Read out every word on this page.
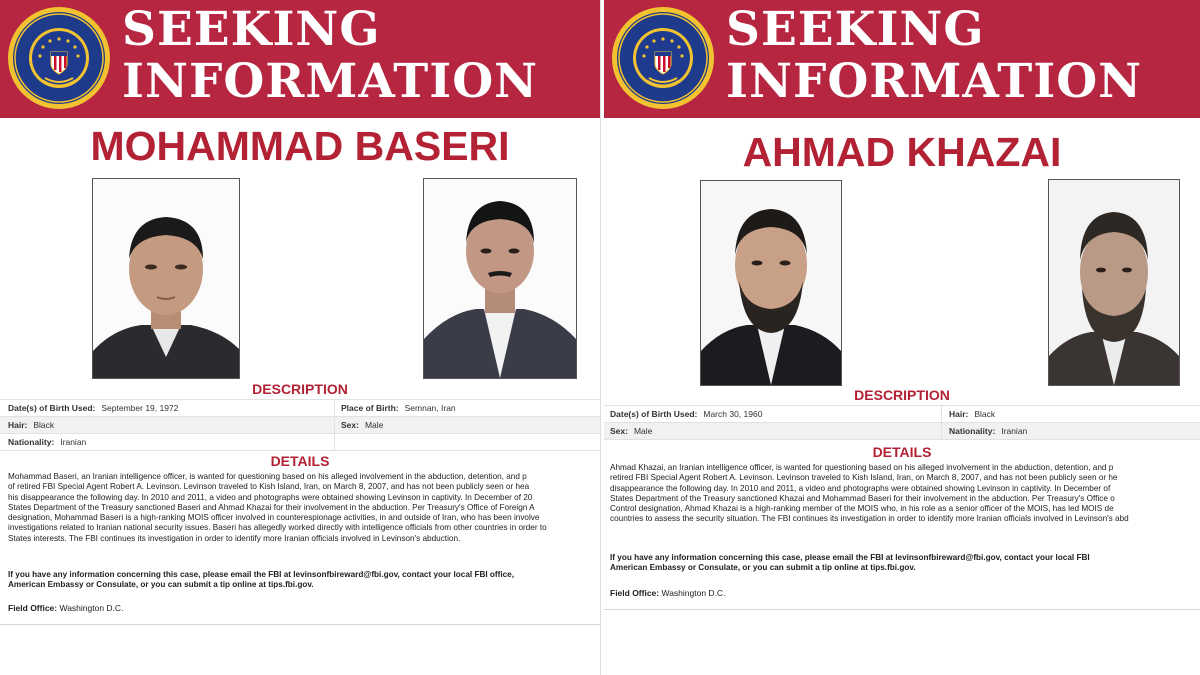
SEEKING
INFORMATION
MOHAMMAD BASERI
DESCRIPTION
Date(s) of Birth Used: September 19, 1972	Place of Birth: Semnan, Iran
Hair: Black	Sex: Male
Nationality: Iranian
DETAILS
Mohammad Baseri, an Iranian intelligence officer, is wanted for questioning based on his alleged involvement in the abduction, detention, and p
of retired FBI Special Agent Robert A. Levinson. Levinson traveled to Kish Island, Iran, on March 8, 2007, and has not been publicly seen or hea
his disappearance the following day. In 2010 and 2011, a video and photographs were obtained showing Levinson in captivity. In December of 20
States Department of the Treasury sanctioned Baseri and Ahmad Khazai for their involvement in the abduction. Per Treasury's Office of Foreign A
designation, Mohammad Baseri is a high-ranking MOIS officer involved in counterespionage activities, in and outside of Iran, who has been involve
investigations related to Iranian national security issues. Baseri has allegedly worked directly with intelligence officials from other countries in order to
States interests. The FBI continues its investigation in order to identify more Iranian officials involved in Levinson's abduction.
If you have any information concerning this case, please email the FBI at levinsonfbireward@fbi.gov, contact your local FBI office,
American Embassy or Consulate, or you can submit a tip online at tips.fbi.gov.
Field Office: Washington D.C.
SEEKING
INFORMATION
AHMAD KHAZAI
DESCRIPTION
Date(s) of Birth Used: March 30, 1960	Hair: Black
Sex: Male	Nationality: Iranian
DETAILS
Ahmad Khazai, an Iranian intelligence officer, is wanted for questioning based on his alleged involvement in the abduction, detention, and p
retired FBI Special Agent Robert A. Levinson. Levinson traveled to Kish Island, Iran, on March 8, 2007, and has not been publicly seen or he
disappearance the following day. In 2010 and 2011, a video and photographs were obtained showing Levinson in captivity. In December of
States Department of the Treasury sanctioned Khazai and Mohammad Baseri for their involvement in the abduction. Per Treasury's Office o
Control designation, Ahmad Khazai is a high-ranking member of the MOIS who, in his role as a senior officer of the MOIS, has led MOIS de
countries to assess the security situation. The FBI continues its investigation in order to identify more Iranian officials involved in Levinson's abd
If you have any information concerning this case, please email the FBI at levinsonfbireward@fbi.gov, contact your local FBI
American Embassy or Consulate, or you can submit a tip online at tips.fbi.gov.
Field Office: Washington D.C.
